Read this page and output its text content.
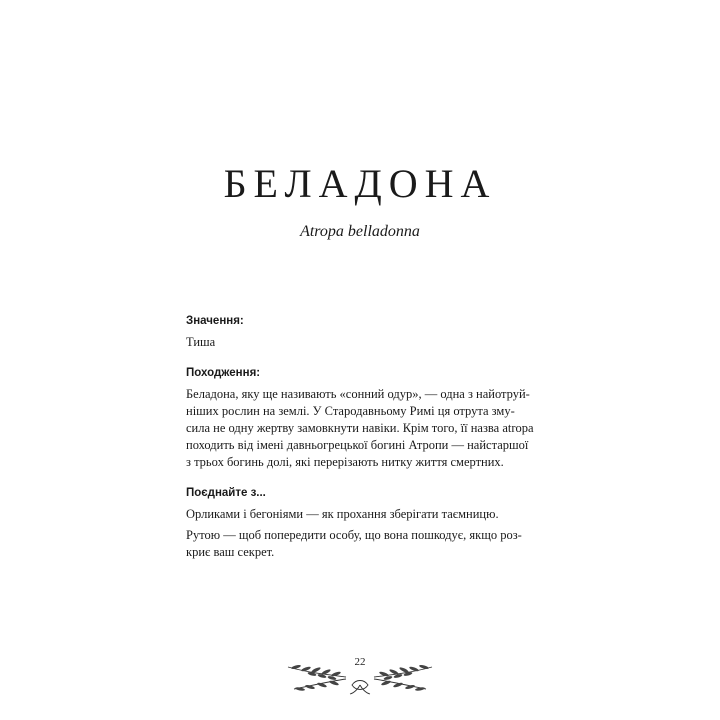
БЕЛАДОНА
Atropa belladonna
Значення:
Тиша
Походження:
Беладона, яку ще називають «сонний одур», — одна з найотруй-
ніших рослин на землі. У Стародавньому Римі ця отрута зму-
сила не одну жертву замовкнути навіки. Крім того, її назва atropa
походить від імені давньогрецької богині Атропи — найстаршої
з трьох богинь долі, які перерізають нитку життя смертних.
Поєднайте з...
Орликами і бегоніями — як прохання зберігати таємницю.
Рутою — щоб попередити особу, що вона пошкодує, якщо роз-
криє ваш секрет.
22
